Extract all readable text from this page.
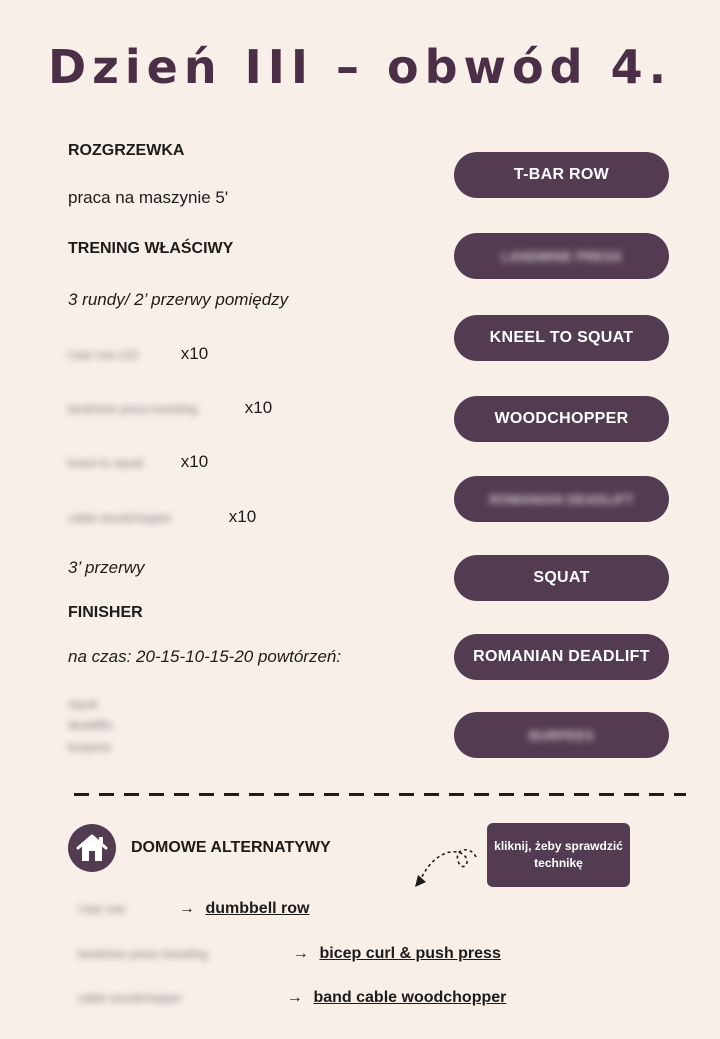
Dzień III – obwód 4.
ROZGRZEWKA
praca na maszynie 5'
TRENING WŁAŚCIWY
3 rundy/ 2’ przerwy pomiędzy
t-bar row x10	x10
landmine press kneeling	x10
kneel to squat x10
cable woodchopper	x10
3’ przerwy
FINISHER
na czas: 20-15-10-15-20 powtórzeń:
squat
deadlifts
burpees
T-BAR ROW
LANDMINE PRESS
KNEEL TO SQUAT
WOODCHOPPER
ROMANIAN DEADLIFT
SQUAT
ROMANIAN DEADLIFT
BURPEES
DOMOWE ALTERNATYWY	kliknij, żeby sprawdzić technikę
t-bar row	→ dumbbell row
landmine press kneeling	→ bicep curl & push press
cable woodchopper	→ band cable woodchopper
